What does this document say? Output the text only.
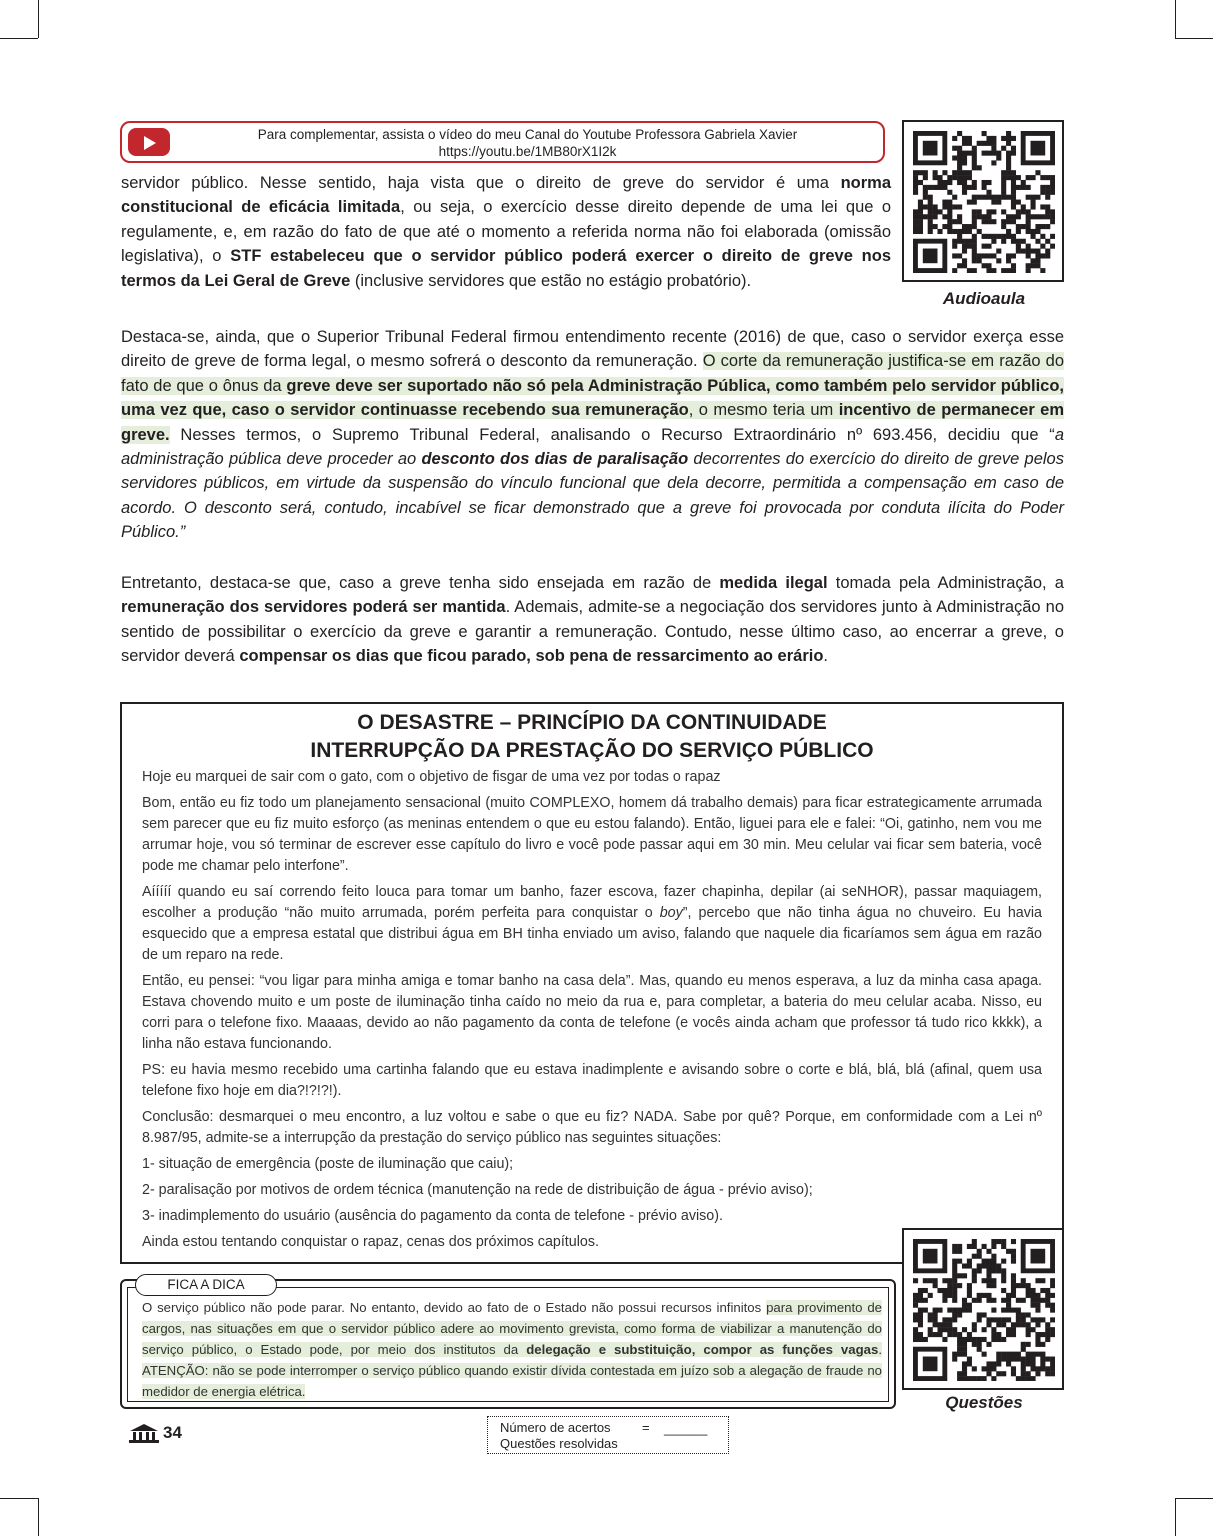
Para complementar, assista o vídeo do meu Canal do Youtube Professora Gabriela Xavier
https://youtu.be/1MB80rX1I2k
Audioaula
servidor público. Nesse sentido, haja vista que o direito de greve do servidor é uma norma constitucional de eficácia limitada, ou seja, o exercício desse direito depende de uma lei que o regulamente, e, em razão do fato de que até o momento a referida norma não foi elaborada (omissão legislativa), o STF estabeleceu que o servidor público poderá exercer o direito de greve nos termos da Lei Geral de Greve (inclusive servidores que estão no estágio probatório).
Destaca-se, ainda, que o Superior Tribunal Federal firmou entendimento recente (2016) de que, caso o servidor exerça esse direito de greve de forma legal, o mesmo sofrerá o desconto da remuneração. O corte da remuneração justifica-se em razão do fato de que o ônus da greve deve ser suportado não só pela Administração Pública, como também pelo servidor público, uma vez que, caso o servidor continuasse recebendo sua remuneração, o mesmo teria um incentivo de permanecer em greve. Nesses termos, o Supremo Tribunal Federal, analisando o Recurso Extraordinário nº 693.456, decidiu que “a administração pública deve proceder ao desconto dos dias de paralisação decorrentes do exercício do direito de greve pelos servidores públicos, em virtude da suspensão do vínculo funcional que dela decorre, permitida a compensação em caso de acordo. O desconto será, contudo, incabível se ficar demonstrado que a greve foi provocada por conduta ilícita do Poder Público.”
Entretanto, destaca-se que, caso a greve tenha sido ensejada em razão de medida ilegal tomada pela Administração, a remuneração dos servidores poderá ser mantida. Ademais, admite-se a negociação dos servidores junto à Administração no sentido de possibilitar o exercício da greve e garantir a remuneração. Contudo, nesse último caso, ao encerrar a greve, o servidor deverá compensar os dias que ficou parado, sob pena de ressarcimento ao erário.
O DESASTRE – PRINCÍPIO DA CONTINUIDADE
INTERRUPÇÃO DA PRESTAÇÃO DO SERVIÇO PÚBLICO

Hoje eu marquei de sair com o gato, com o objetivo de fisgar de uma vez por todas o rapaz

Bom, então eu fiz todo um planejamento sensacional (muito COMPLEXO, homem dá trabalho demais) para ficar estrategicamente arrumada sem parecer que eu fiz muito esforço (as meninas entendem o que eu estou falando). Então, liguei para ele e falei: “Oi, gatinho, nem vou me arrumar hoje, vou só terminar de escrever esse capítulo do livro e você pode passar aqui em 30 min. Meu celular vai ficar sem bateria, você pode me chamar pelo interfone”.

Aííííí quando eu saí correndo feito louca para tomar um banho, fazer escova, fazer chapinha, depilar (ai seNHOR), passar maquiagem, escolher a produção “não muito arrumada, porém perfeita para conquistar o boy”, percebo que não tinha água no chuveiro. Eu havia esquecido que a empresa estatal que distribui água em BH tinha enviado um aviso, falando que naquele dia ficaríamos sem água em razão de um reparo na rede.

Então, eu pensei: “vou ligar para minha amiga e tomar banho na casa dela”. Mas, quando eu menos esperava, a luz da minha casa apaga. Estava chovendo muito e um poste de iluminação tinha caído no meio da rua e, para completar, a bateria do meu celular acaba. Nisso, eu corri para o telefone fixo. Maaaas, devido ao não pagamento da conta de telefone (e vocês ainda acham que professor tá tudo rico kkkk), a linha não estava funcionando.

PS: eu havia mesmo recebido uma cartinha falando que eu estava inadimplente e avisando sobre o corte e blá, blá, blá (afinal, quem usa telefone fixo hoje em dia?!?!?!).

Conclusão: desmarquei o meu encontro, a luz voltou e sabe o que eu fiz? NADA. Sabe por quê? Porque, em conformidade com a Lei nº 8.987/95, admite-se a interrupção da prestação do serviço público nas seguintes situações:

1- situação de emergência (poste de iluminação que caiu);

2- paralisação por motivos de ordem técnica (manutenção na rede de distribuição de água - prévio aviso);

3- inadimplemento do usuário (ausência do pagamento da conta de telefone - prévio aviso).

Ainda estou tentando conquistar o rapaz, cenas dos próximos capítulos.

Questões
FICA A DICA
O serviço público não pode parar. No entanto, devido ao fato de o Estado não possui recursos infinitos para provimento de cargos, nas situações em que o servidor público adere ao movimento grevista, como forma de viabilizar a manutenção do serviço público, o Estado pode, por meio dos institutos da delegação e substituição, compor as funções vagas. ATENÇÃO: não se pode interromper o serviço público quando existir dívida contestada em juízo sob a alegação de fraude no medidor de energia elétrica.
34	Número de acertos = ______
Questões resolvidas
